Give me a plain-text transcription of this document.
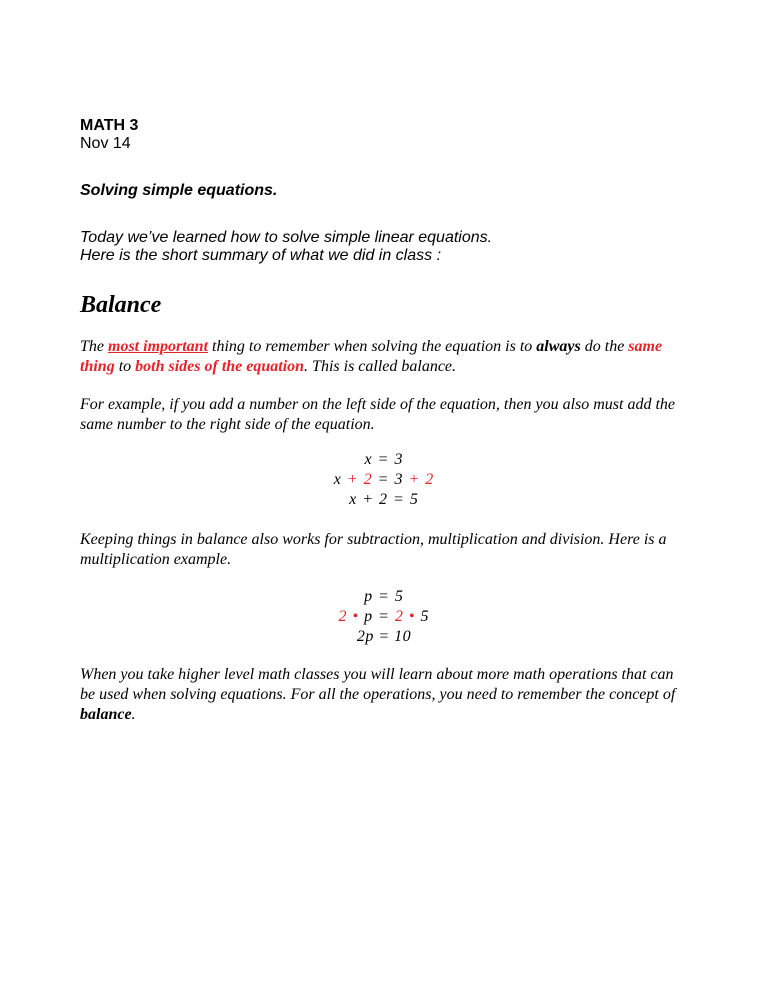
MATH 3
Nov 14
Solving simple equations.
Today we’ve learned how to solve simple linear equations.
Here is the short summary of what we did in class :
Balance
The most important thing to remember when solving the equation is to always do the same thing to both sides of the equation. This is called balance.
For example, if you add a number on the left side of the equation, then you also must add the same number to the right side of the equation.
x = 3
x + 2 = 3 + 2
x + 2 = 5
Keeping things in balance also works for subtraction, multiplication and division. Here is a multiplication example.
p = 5
2 • p = 2 • 5
2p = 10
When you take higher level math classes you will learn about more math operations that can be used when solving equations. For all the operations, you need to remember the concept of balance.
